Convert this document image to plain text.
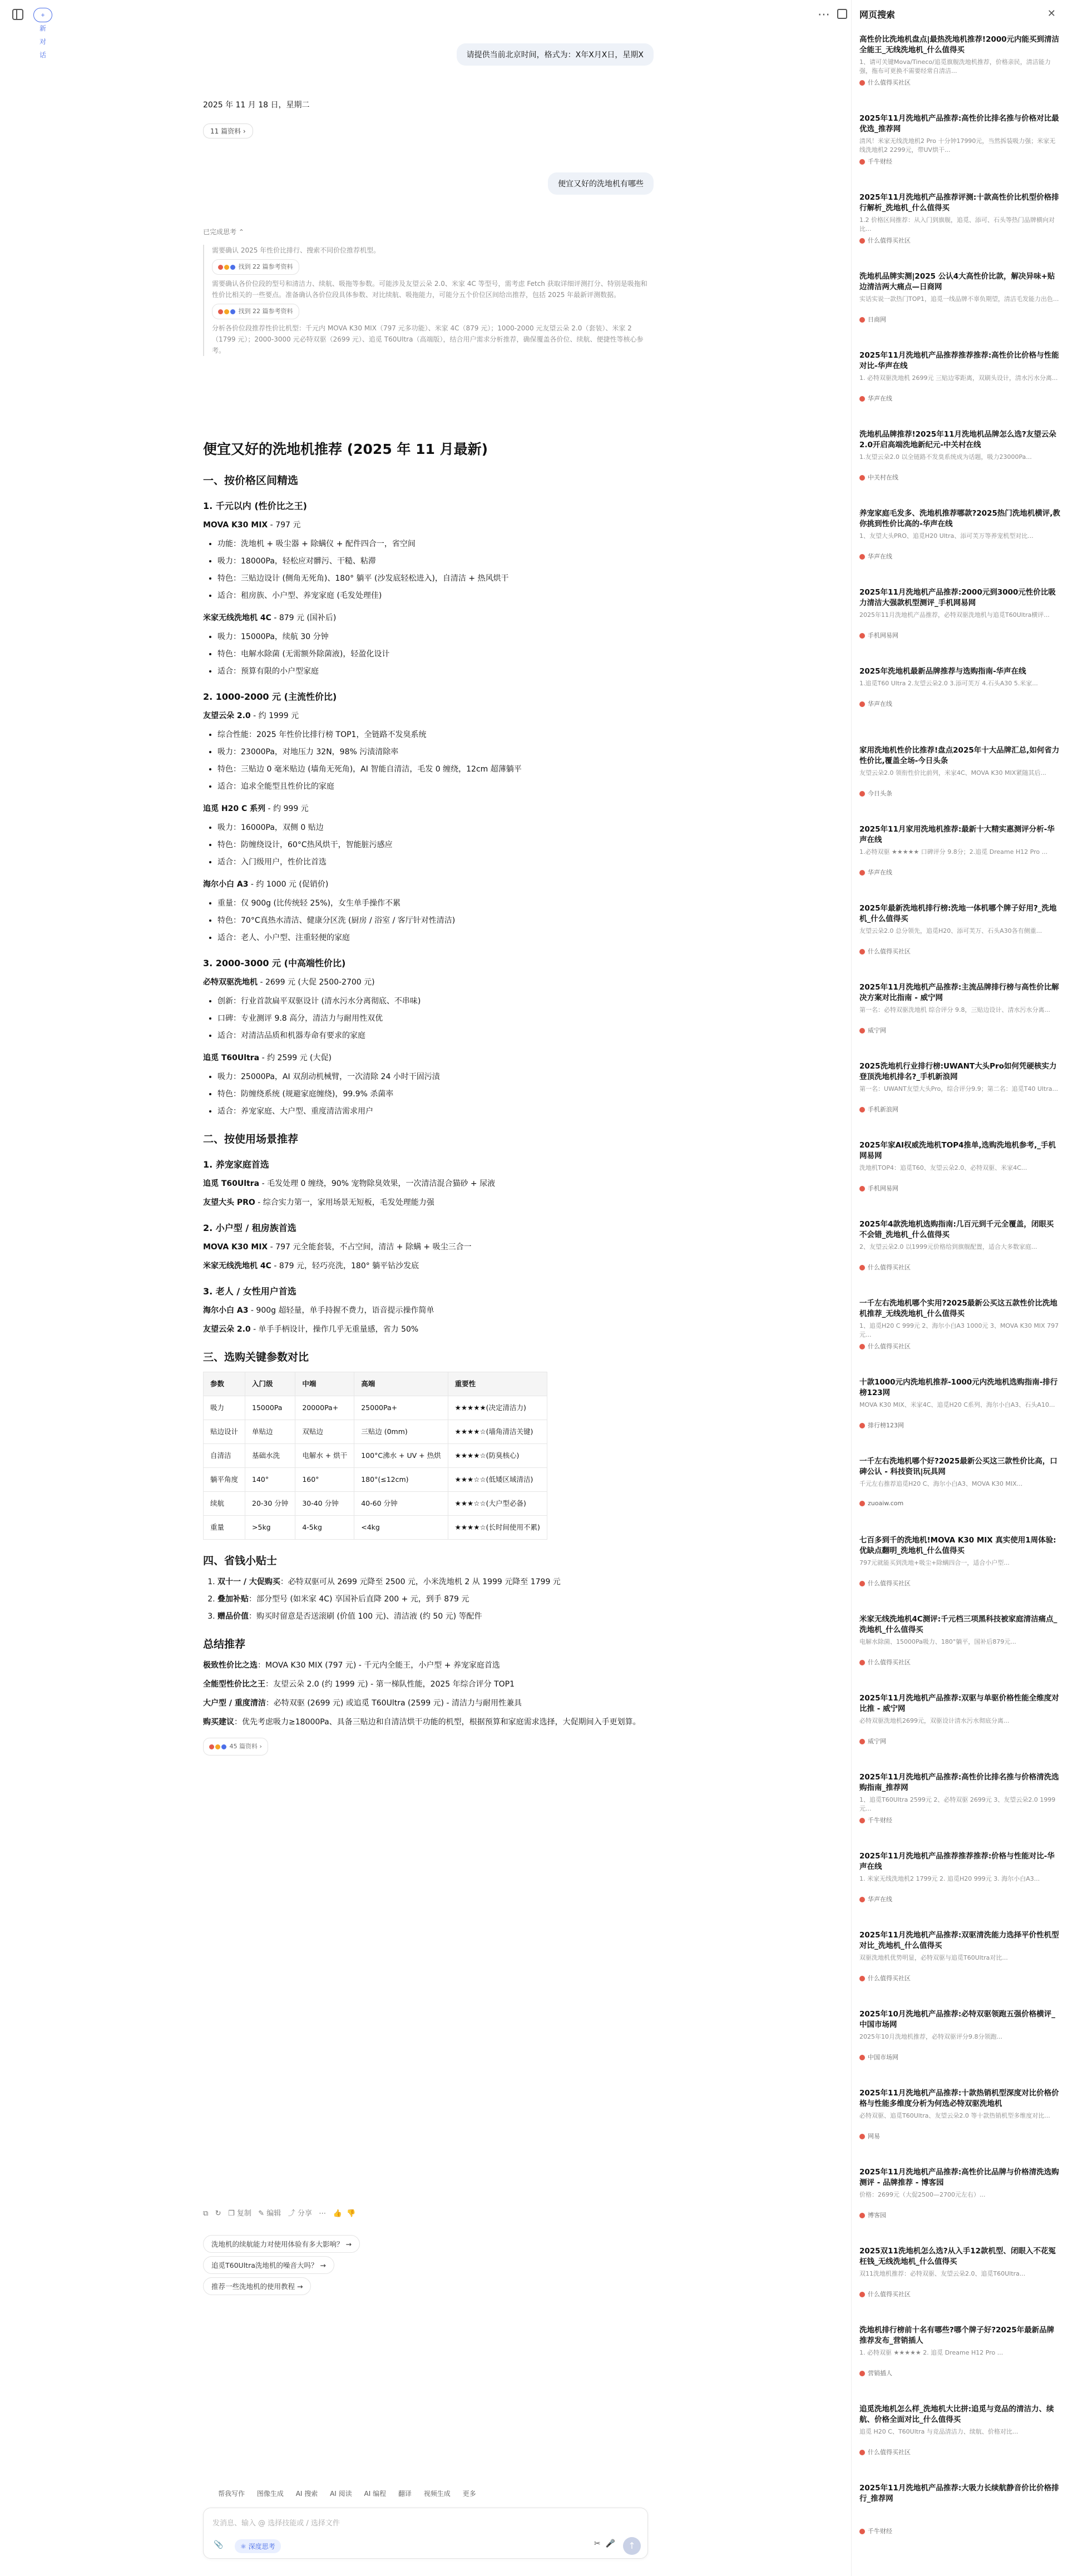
+ 新对话
⋯
请提供当前北京时间，格式为：X年X月X日，星期X
2025 年 11 月 18 日，星期二
11 篇资料 ›
便宜又好的洗地机有哪些
已完成思考 ⌃
需要确认 2025 年性价比排行、搜索不同价位推荐机型。
找到 22 篇参考资料
需要确认各价位段的型号和清洁力、续航、吸拖等参数。可能涉及友望云朵 2.0、米家 4C 等型号，需考虑 Fetch 获取详细评测打分、特别是吸拖和性价比相关的一些要点。准备确认各价位段具体参数、对比续航、吸拖能力，可能分五个价位区间给出推荐，包括 2025 年最新评测数据。
找到 22 篇参考资料
分析各价位段推荐性价比机型：千元内 MOVA K30 MIX（797 元多功能）、米家 4C（879 元）；1000-2000 元友望云朵 2.0（套装）、米家 2（1799 元）；2000-3000 元必特双驱（2699 元）、追觅 T60Ultra（高端版），结合用户需求分析推荐，确保覆盖各价位、续航、便捷性等核心参考。
便宜又好的洗地机推荐 (2025 年 11 月最新)
一、按价格区间精选
1. 千元以内 (性价比之王)

MOVA K30 MIX - 797 元

• 功能：洗地机 + 吸尘器 + 除螨仪 + 配件四合一，省空间
• 吸力：18000Pa，轻松应对髒污、干糙、粘滞
• 特色：三贴边设计 (侧角无死角)、180° 躺平 (沙发底轻松进入)，自清洁 + 热风烘干
• 适合：租房族、小户型、养宠家庭 (毛发处理佳)

米家无线洗地机 4C - 879 元 (国补后)

• 吸力：15000Pa，续航 30 分钟
• 特色：电解水除菌 (无需额外除菌液)，轻盈化设计
• 适合：预算有限的小户型家庭
2. 1000-2000 元 (主流性价比)

友望云朵 2.0 - 约 1999 元

• 综合性能：2025 年性价比排行榜 TOP1，全链路不发臭系统
• 吸力：23000Pa，对地压力 32N，98% 污渍清除率
• 特色：三贴边 0 毫米贴边 (墙角无死角)，AI 智能自清洁，毛发 0 缠绕，12cm 超薄躺平
• 适合：追求全能型且性价比的家庭

追觅 H20 C 系列 - 约 999 元

• 吸力：16000Pa，双侧 0 贴边
• 特色：防缠绕设计，60°C热风烘干，智能脏污感应
• 适合：入门级用户，性价比首选

海尔小白 A3 - 约 1000 元 (促销价)

• 重量：仅 900g (比传统轻 25%)，女生单手操作不累
• 特色：70°C真热水清洁、健康分区洗 (厨房 / 浴室 / 客厅针对性清洁)
• 适合：老人、小户型、注重轻便的家庭
3. 2000-3000 元 (中高端性价比)

必特双驱洗地机 - 2699 元 (大促 2500-2700 元)

• 创新：行业首款扁平双驱设计 (清水污水分离彻底、不串味)
• 口碑：专业测评 9.8 高分，清洁力与耐用性双优
• 适合：对清洁品质和机器寿命有要求的家庭

追觅 T60Ultra - 约 2599 元 (大促)

• 吸力：25000Pa，AI 双刮动机械臂，一次清除 24 小时干固污渍
• 特色：防缠绕系统 (规避家庭缠绕)，99.9% 杀菌率
• 适合：养宠家庭、大户型、重度清洁需求用户
二、按使用场景推荐
1. 养宠家庭首选

追觅 T60Ultra - 毛发处理 0 缠绕，90% 宠物除臭效果，一次清洁混合猫砂 + 尿液

友望大头 PRO - 综合实力第一，家用场景无短板，毛发处理能力强

2. 小户型 / 租房族首选

MOVA K30 MIX - 797 元全能套装，不占空间，清洁 + 除螨 + 吸尘三合一

米家无线洗地机 4C - 879 元，轻巧亮洗，180° 躺平钻沙发底

3. 老人 / 女性用户首选

海尔小白 A3 - 900g 超轻量，单手持握不费力，语音提示操作简单

友望云朵 2.0 - 单手手柄设计，操作几乎无重量感，省力 50%

三、选购关键参数对比
参数	入门级	中端	高端	重要性
吸力	15000Pa	20000Pa+	25000Pa+	★★★★★(决定清洁力)
贴边设计	单贴边	双贴边	三贴边 (0mm)	★★★★☆(墙角清洁关键)
自清洁	基础水洗	电解水 + 烘干	100°C沸水 + UV + 热烘	★★★★☆(防臭核心)
躺平角度	140°	160°	180°(≤12cm)	★★★☆☆(低矮区域清洁)
续航	20-30 分钟	30-40 分钟	40-60 分钟	★★★☆☆(大户型必备)
重量	>5kg	4-5kg	<4kg	★★★★☆(长时间使用不累)
四、省钱小贴士
1. 双十一 / 大促购买：必特双驱可从 2699 元降至 2500 元，小米洗地机 2 从 1999 元降至 1799 元
2. 叠加补贴：部分型号 (如米家 4C) 享国补后直降 200 + 元，到手 879 元
3. 赠品价值：购买时留意是否送滚刷 (价值 100 元)、清洁液 (约 50 元) 等配件
总结推荐

极致性价比之选：MOVA K30 MIX (797 元) - 千元内全能王，小户型 + 养宠家庭首选

全能型性价比之王：友望云朵 2.0 (约 1999 元) - 第一梯队性能，2025 年综合评分 TOP1

大户型 / 重度清洁：必特双驱 (2699 元) 或追觅 T60Ultra (2599 元) - 清洁力与耐用性兼具

购买建议：优先考虑吸力≥18000Pa、具备三贴边和自清洁烘干功能的机型，根据预算和家庭需求选择，大促期间入手更划算。

45 篇资料 ›
⧉ ↻ ❐ 复制 ✎ 编辑 ⤴ 分享 ⋯ 👍 👎
洗地机的续航能力对使用体验有多大影响？ →
追觅T60Ultra洗地机的噪音大吗？ →
推荐一些洗地机的使用教程 →
帮我写作 图像生成 AI 搜索 AI 阅读 AI 编程 翻译 视频生成 更多
发消息、输入 @ 选择技能或 / 选择文件
📎	⚛ 深度思考	✂ 🎤	↑
网页搜索	✕
高性价比洗地机盘点|最热洗地机推荐!2000元内能买到清洁全能王_无线洗地机_什么值得买
1、请可关键Mova/Tineco/追觅旗舰洗地机推荐，价格亲民，清洁能力强，拖布可更换不需要经常自清洁...
什么值得买社区
2025年11月洗地机产品推荐:高性价比排名推与价格对比最优选_推荐网
清风！米家无线洗地机2 Pro 十分钟17990元，当然拆装吸力强；米家无线洗地机2 2299元，带UV烘干...
千牛财经
2025年11月洗地机产品推荐评测:十款高性价比机型价格排行解析_洗地机_什么值得买
1.2 价格区间推荐：从入门到旗舰，追觅、添可、石头等热门品牌横向对比...
什么值得买社区
洗地机品牌实测|2025 公认4大高性价比款，解决异味+贴边清洁两大痛点—日商网
实话实说一款热门TOP1，追觅一线品牌不辜负期望，清洁毛发能力出色...
日商网
2025年11月洗地机产品推荐推荐推荐:高性价比价格与性能对比-华声在线
1. 必特双驱洗地机 2699元 三贴边零距离，双刷头设计，清水污水分离...
华声在线
洗地机品牌推荐!2025年11月洗地机品牌怎么选?友望云朵2.0开启高端洗地新纪元-中关村在线
1.友望云朵2.0 以全链路不发臭系统成为话题，吸力23000Pa...
中关村在线
养宠家庭毛发多、洗地机推荐哪款?2025热门洗地机横评,教你挑到性价比高的-华声在线
1、友望大头PRO、追觅H20 Ultra、添可芙万等养宠机型对比...
华声在线
2025年11月洗地机产品推荐:2000元到3000元性价比吸力清洁大强款机型测评_手机网易网
2025年11月洗地机产品推荐，必特双驱洗地机与追觅T60Ultra横评...
手机网易网
2025年洗地机最新品牌推荐与选购指南-华声在线
1.追觅T60 Ultra 2.友望云朵2.0 3.添可芙万 4.石头A30 5.米家...
华声在线
家用洗地机性价比推荐!盘点2025年十大品牌汇总,如何省力性价比,覆盖全场-今日头条
友望云朵2.0 领衔性价比前列，米家4C、MOVA K30 MIX紧随其后...
今日头条
2025年11月家用洗地机推荐:最新十大精实惠测评分析-华声在线
1.必特双驱 ★★★★★ 口碑评分 9.8分；2.追觅 Dreame H12 Pro ...
华声在线
2025年最新洗地机排行榜:洗地一体机哪个牌子好用?_洗地机_什么值得买
友望云朵2.0 总分领先，追觅H20、添可芙万、石头A30各有侧重...
什么值得买社区
2025年11月洗地机产品推荐:主流品牌排行榜与高性价比解决方案对比指南 - 威宁网
第一名：必特双驱洗地机 综合评分 9.8，三贴边设计、清水污水分离...
威宁网
2025洗地机行业排行榜:UWANT大头Pro如何凭硬核实力登顶洗地机排名?_手机新浪网
第一名：UWANT友望大头Pro，综合评分9.9；第二名：追觅T40 Ultra...
手机新浪网
2025年家AI权威洗地机TOP4推单,选购洗地机参考,_手机网易网
洗地机TOP4：追觅T60、友望云朵2.0、必特双驱、米家4C...
手机网易网
2025年4款洗地机选购指南:几百元到千元全覆盖，闭眼买不会错_洗地机_什么值得买
2、友望云朵2.0 以1999元价格给到旗舰配置，适合大多数家庭...
什么值得买社区
一千左右洗地机哪个实用?2025最新公买这五款性价比洗地机推荐_无线洗地机_什么值得买
1、追觅H20 C 999元 2、海尔小白A3 1000元 3、MOVA K30 MIX 797元...
什么值得买社区
十款1000元内洗地机推荐-1000元内洗地机选购指南-排行榜123网
MOVA K30 MIX、米家4C、追觅H20 C系列、海尔小白A3、石头A10...
排行榜123网
一千左右洗地机哪个好?2025最新公买这三款性价比高，口碑公认 - 科技资讯|玩具网
千元左右推荐追觅H20 C、海尔小白A3、MOVA K30 MIX...
zuoaiw.com
七百多到千的洗地机!MOVA K30 MIX 真实使用1周体验:优缺点翻明_洗地机_什么值得买
797元就能买到洗地+吸尘+除螨四合一，适合小户型...
什么值得买社区
米家无线洗地机4C测评:千元档三项黑科技被家庭清洁痛点_洗地机_什么值得买
电解水除菌、15000Pa吸力、180°躺平，国补后879元...
什么值得买社区
2025年11月洗地机产品推荐:双驱与单驱价格性能全维度对比推 - 威宁网
必特双驱洗地机2699元，双驱设计清水污水彻底分离...
威宁网
2025年11月洗地机产品推荐:高性价比排名推与价格清洗选购指南_推荐网
1、追觅T60Ultra 2599元 2、必特双驱 2699元 3、友望云朵2.0 1999元...
千牛财经
2025年11月洗地机产品推荐推荐推荐:价格与性能对比-华声在线
1. 米家无线洗地机2 1799元 2. 追觅H20 999元 3. 海尔小白A3...
华声在线
2025年11月洗地机产品推荐:双驱清洗能力选择平价性机型对比_洗地机_什么值得买
双驱洗地机优势明显，必特双驱与追觅T60Ultra对比...
什么值得买社区
2025年10月洗地机产品推荐:必特双驱领跑五强价格横评_中国市场网
2025年10月洗地机推荐，必特双驱评分9.8分领跑...
中国市场网
2025年11月洗地机产品推荐:十款热销机型深度对比价格价格与性能多维度分析为何选必特双驱洗地机
必特双驱、追觅T60Ultra、友望云朵2.0 等十款热销机型多维度对比...
网易
2025年11月洗地机产品推荐:高性价比品牌与价格清洗选购测评 - 品牌推荐 - 博客园
价格：2699元（大促2500—2700元左右）...
博客园
2025双11洗地机怎么选?从入手12款机型、闭眼入不花冤枉钱_无线洗地机_什么值得买
双11洗地机推荐：必特双驱、友望云朵2.0、追觅T60Ultra...
什么值得买社区
洗地机排行榜前十名有哪些?哪个牌子好?2025年最新品牌推荐发布_营销插人
1. 必特双驱 ★★★★★ 2. 追觅 Dreame H12 Pro ...
营销插人
追觅洗地机怎么样_洗地机大比拼:追觅与竞品的清洁力、续航、价格全面对比_什么值得买
追觅 H20 C、T60Ultra 与竞品清洁力、续航、价格对比...
什么值得买社区
2025年11月洗地机产品推荐:大吸力长续航静音价比价格排行_推荐网
千牛财经
